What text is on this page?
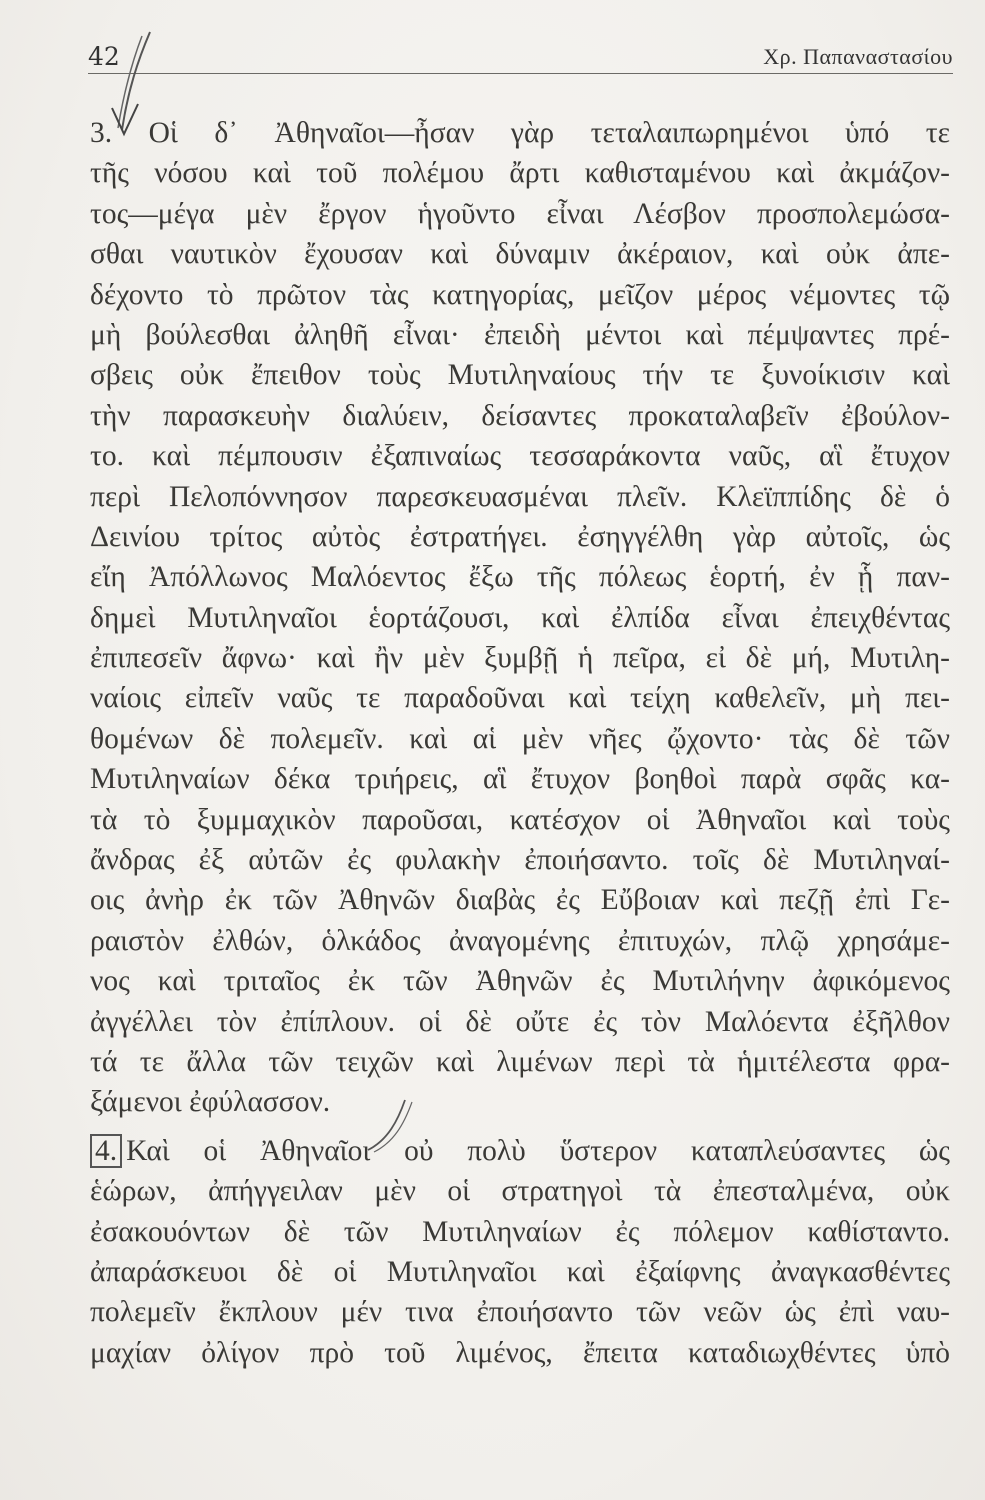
42	Χρ. Παπαναστασίου
3. Οἱ δ᾽ Ἀθηναῖοι—ἦσαν γὰρ τεταλαιπωρημένοι ὑπό τε
τῆς νόσου καὶ τοῦ πολέμου ἄρτι καθισταμένου καὶ ἀκμάζον-
τος—μέγα μὲν ἔργον ἡγοῦντο εἶναι Λέσβον προσπολεμώσα-
σθαι ναυτικὸν ἔχουσαν καὶ δύναμιν ἀκέραιον, καὶ οὐκ ἀπε-
δέχοντο τὸ πρῶτον τὰς κατηγορίας, μεῖζον μέρος νέμοντες τῷ
μὴ βούλεσθαι ἀληθῆ εἶναι· ἐπειδὴ μέντοι καὶ πέμψαντες πρέ-
σβεις οὐκ ἔπειθον τοὺς Μυτιληναίους τήν τε ξυνοίκισιν καὶ
τὴν παρασκευὴν διαλύειν, δείσαντες προκαταλαβεῖν ἐβούλον-
το. καὶ πέμπουσιν ἐξαπιναίως τεσσαράκοντα ναῦς, αἳ ἔτυχον
περὶ Πελοπόννησον παρεσκευασμέναι πλεῖν. Κλεϊππίδης δὲ ὁ
Δεινίου τρίτος αὐτὸς ἐστρατήγει. ἐσηγγέλθη γὰρ αὐτοῖς, ὡς
εἴη Ἀπόλλωνος Μαλόεντος ἔξω τῆς πόλεως ἑορτή, ἐν ᾗ παν-
δημεὶ Μυτιληναῖοι ἑορτάζουσι, καὶ ἐλπίδα εἶναι ἐπειχθέντας
ἐπιπεσεῖν ἄφνω· καὶ ἢν μὲν ξυμβῇ ἡ πεῖρα, εἰ δὲ μή, Μυτιλη-
ναίοις εἰπεῖν ναῦς τε παραδοῦναι καὶ τείχη καθελεῖν, μὴ πει-
θομένων δὲ πολεμεῖν. καὶ αἱ μὲν νῆες ᾤχοντο· τὰς δὲ τῶν
Μυτιληναίων δέκα τριήρεις, αἳ ἔτυχον βοηθοὶ παρὰ σφᾶς κα-
τὰ τὸ ξυμμαχικὸν παροῦσαι, κατέσχον οἱ Ἀθηναῖοι καὶ τοὺς
ἄνδρας ἐξ αὐτῶν ἐς φυλακὴν ἐποιήσαντο. τοῖς δὲ Μυτιληναί-
οις ἀνὴρ ἐκ τῶν Ἀθηνῶν διαβὰς ἐς Εὔβοιαν καὶ πεζῇ ἐπὶ Γε-
ραιστὸν ἐλθών, ὁλκάδος ἀναγομένης ἐπιτυχών, πλῷ χρησάμε-
νος καὶ τριταῖος ἐκ τῶν Ἀθηνῶν ἐς Μυτιλήνην ἀφικόμενος
ἀγγέλλει τὸν ἐπίπλουν. οἱ δὲ οὔτε ἐς τὸν Μαλόεντα ἐξῆλθον
τά τε ἄλλα τῶν τειχῶν καὶ λιμένων περὶ τὰ ἡμιτέλεστα φρα-
ξάμενοι ἐφύλασσον.
4. Καὶ οἱ Ἀθηναῖοι οὐ πολὺ ὕστερον καταπλεύσαντες ὡς
ἑώρων, ἀπήγγειλαν μὲν οἱ στρατηγοὶ τὰ ἐπεσταλμένα, οὐκ
ἐσακουόντων δὲ τῶν Μυτιληναίων ἐς πόλεμον καθίσταντο.
ἀπαράσκευοι δὲ οἱ Μυτιληναῖοι καὶ ἐξαίφνης ἀναγκασθέντες
πολεμεῖν ἔκπλουν μέν τινα ἐποιήσαντο τῶν νεῶν ὡς ἐπὶ ναυ-
μαχίαν ὀλίγον πρὸ τοῦ λιμένος, ἔπειτα καταδιωχθέντες ὑπὸ
